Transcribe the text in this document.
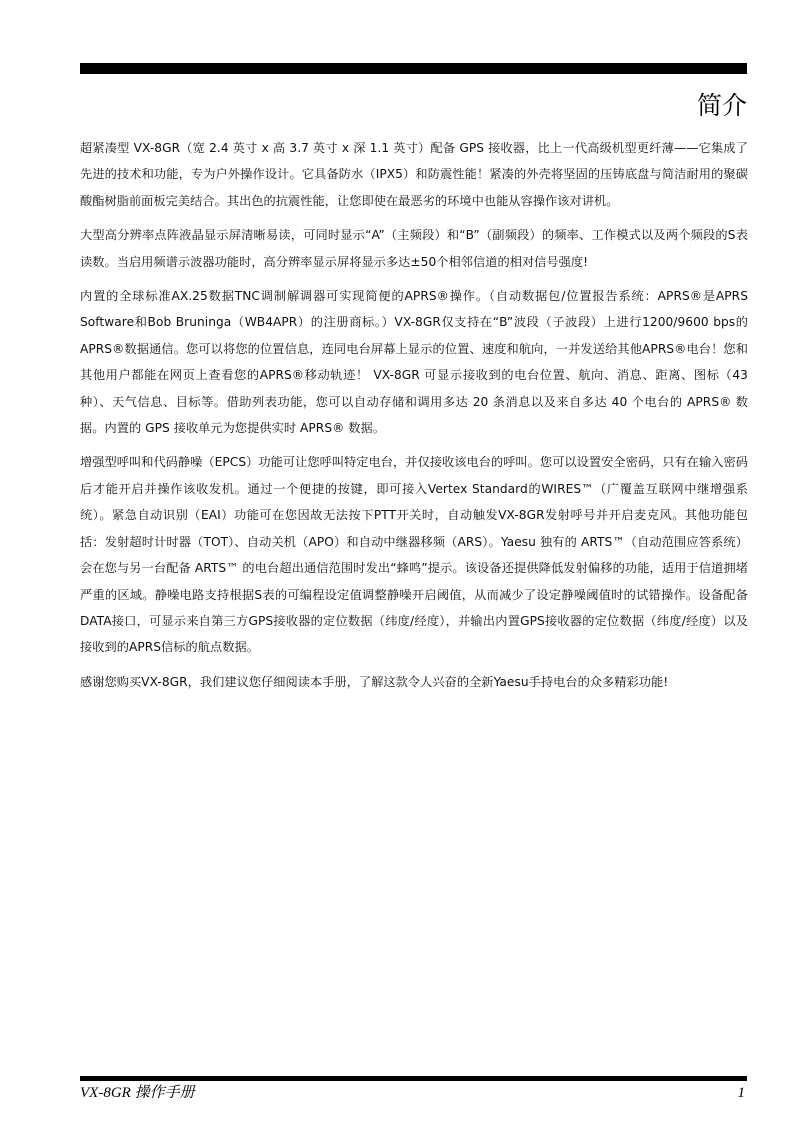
简介

超紧凑型 VX-8GR（宽 2.4 英寸 x 高 3.7 英寸 x 深 1.1 英寸）配备 GPS 接收器，比上一代高级机型更纤薄——它集成了先进的技术和功能，专为户外操作设计。它具备防水（IPX5）和防震性能！紧凑的外壳将坚固的压铸底盘与简洁耐用的聚碳酸酯树脂前面板完美结合。其出色的抗震性能，让您即使在最恶劣的环境中也能从容操作该对讲机。

大型高分辨率点阵液晶显示屏清晰易读，可同时显示“A”（主频段）和“B”（副频段）的频率、工作模式以及两个频段的S表读数。当启用频谱示波器功能时，高分辨率显示屏将显示多达±50个相邻信道的相对信号强度!

内置的全球标准AX.25数据TNC调制解调器可实现简便的APRS®操作。（自动数据包/位置报告系统：APRS®是APRS Software和Bob Bruninga（WB4APR）的注册商标。）VX-8GR仅支持在“B”波段（子波段）上进行1200/9600 bps的APRS®数据通信。您可以将您的位置信息，连同电台屏幕上显示的位置、速度和航向，一并发送给其他APRS®电台！您和其他用户都能在网页上查看您的APRS®移动轨迹！ VX-8GR 可显示接收到的电台位置、航向、消息、距离、图标（43 种）、天气信息、目标等。借助列表功能，您可以自动存储和调用多达 20 条消息以及来自多达 40 个电台的 APRS® 数据。内置的 GPS 接收单元为您提供实时 APRS® 数据。

增强型呼叫和代码静噪（EPCS）功能可让您呼叫特定电台，并仅接收该电台的呼叫。您可以设置安全密码，只有在输入密码后才能开启并操作该收发机。通过一个便捷的按键，即可接入Vertex Standard的WIRES™（广覆盖互联网中继增强系统）。紧急自动识别（EAI）功能可在您因故无法按下PTT开关时，自动触发VX-8GR发射呼号并开启麦克风。其他功能包括：发射超时计时器（TOT）、自动关机（APO）和自动中继器移频（ARS）。Yaesu 独有的 ARTS™（自动范围应答系统）会在您与另一台配备 ARTS™ 的电台超出通信范围时发出“蜂鸣”提示。该设备还提供降低发射偏移的功能，适用于信道拥堵严重的区域。静噪电路支持根据S表的可编程设定值调整静噪开启阈值，从而减少了设定静噪阈值时的试错操作。设备配备DATA接口，可显示来自第三方GPS接收器的定位数据（纬度/经度），并输出内置GPS接收器的定位数据（纬度/经度）以及接收到的APRS信标的航点数据。

感谢您购买VX-8GR，我们建议您仔细阅读本手册，了解这款令人兴奋的全新Yaesu手持电台的众多精彩功能!

VX-8GR 操作手册	1
